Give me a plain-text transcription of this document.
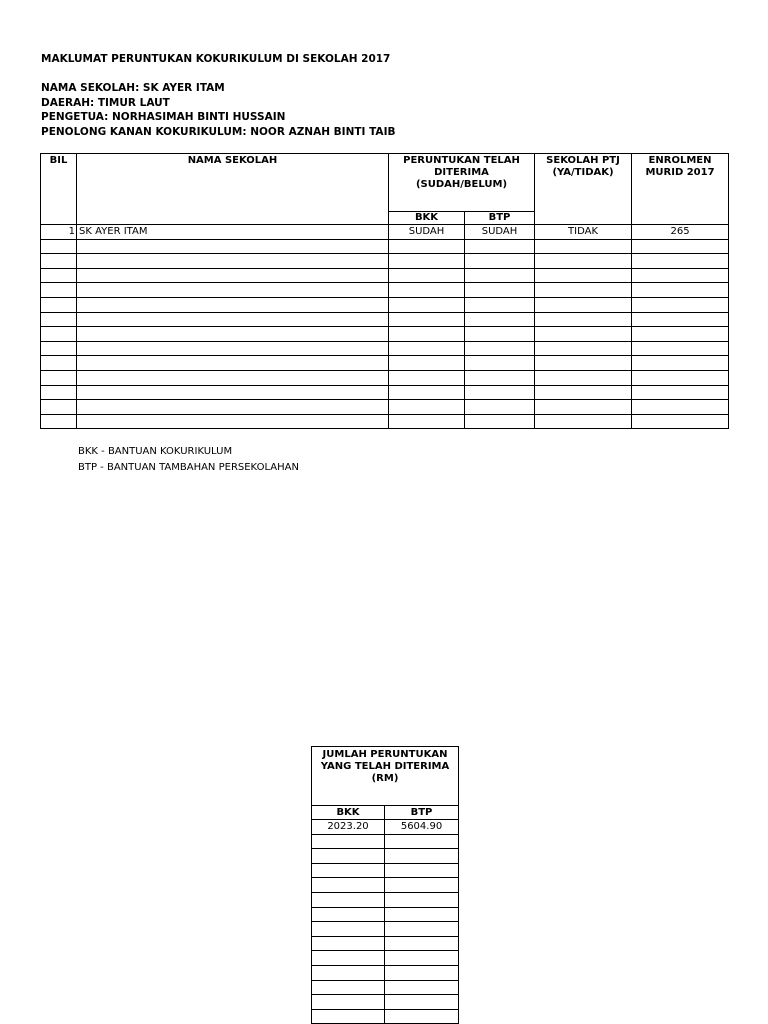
MAKLUMAT PERUNTUKAN KOKURIKULUM DI SEKOLAH 2017
NAMA SEKOLAH: SK AYER ITAM
DAERAH: TIMUR LAUT
PENGETUA: NORHASIMAH BINTI HUSSAIN
PENOLONG KANAN KOKURIKULUM: NOOR AZNAH BINTI TAIB
BIL	NAMA SEKOLAH	PERUNTUKAN TELAH DITERIMA (SUDAH/BELUM)		SEKOLAH PTJ (YA/TIDAK)	ENROLMEN MURID 2017
		BKK	BTP		
1	SK AYER ITAM	SUDAH	SUDAH	TIDAK	265

BKK - BANTUAN KOKURIKULUM
BTP - BANTUAN TAMBAHAN PERSEKOLAHAN
JUMLAH PERUNTUKAN YANG TELAH DITERIMA (RM)	
BKK	BTP
2023.20	5604.90
